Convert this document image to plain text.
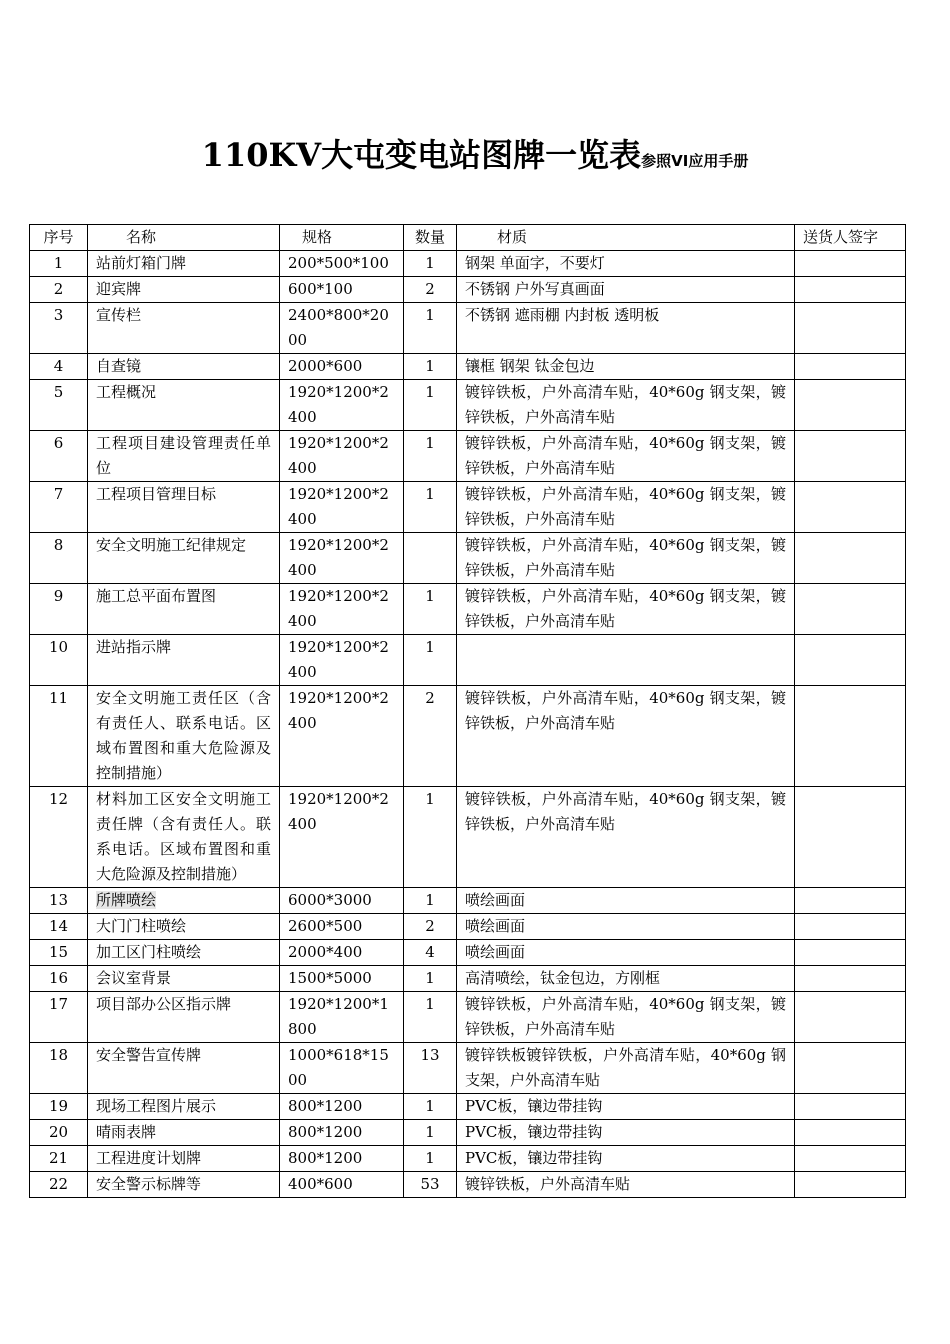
110KV大屯变电站图牌一览表参照VI应用手册
序号	名称	规格	数量	材质	送货人签字
1	站前灯箱门牌	200*500*100	1	钢架 单面字，不要灯	
2	迎宾牌	600*100	2	不锈钢 户外写真画面	
3	宣传栏	2400*800*2000	1	不锈钢 遮雨棚 内封板 透明板	
4	自查镜	2000*600	1	镶框 钢架 钛金包边	
5	工程概况	1920*1200*2400	1	镀锌铁板，户外高清车贴，40*60g 钢支架，镀锌铁板，户外高清车贴	
6	工程项目建设管理责任单位	1920*1200*2400	1	镀锌铁板，户外高清车贴，40*60g 钢支架，镀锌铁板，户外高清车贴	
7	工程项目管理目标	1920*1200*2400	1	镀锌铁板，户外高清车贴，40*60g 钢支架，镀锌铁板，户外高清车贴	
8	安全文明施工纪律规定	1920*1200*2400		镀锌铁板，户外高清车贴，40*60g 钢支架，镀锌铁板，户外高清车贴	
9	施工总平面布置图	1920*1200*2400	1	镀锌铁板，户外高清车贴，40*60g 钢支架，镀锌铁板，户外高清车贴	
10	进站指示牌	1920*1200*2400	1		
11	安全文明施工责任区（含有责任人、联系电话。区域布置图和重大危险源及控制措施）	1920*1200*2400	2	镀锌铁板，户外高清车贴，40*60g 钢支架，镀锌铁板，户外高清车贴	
12	材料加工区安全文明施工责任牌（含有责任人。联系电话。区域布置图和重大危险源及控制措施）	1920*1200*2400	1	镀锌铁板，户外高清车贴，40*60g 钢支架，镀锌铁板，户外高清车贴	
13	所牌喷绘	6000*3000	1	喷绘画面	
14	大门门柱喷绘	2600*500	2	喷绘画面	
15	加工区门柱喷绘	2000*400	4	喷绘画面	
16	会议室背景	1500*5000	1	高清喷绘，钛金包边，方刚框	
17	项目部办公区指示牌	1920*1200*1800	1	镀锌铁板，户外高清车贴，40*60g 钢支架，镀锌铁板，户外高清车贴	
18	安全警告宣传牌	1000*618*1500	13	镀锌铁板镀锌铁板，户外高清车贴，40*60g 钢支架，户外高清车贴	
19	现场工程图片展示	800*1200	1	PVC板，镶边带挂钩	
20	晴雨表牌	800*1200	1	PVC板，镶边带挂钩	
21	工程进度计划牌	800*1200	1	PVC板，镶边带挂钩	
22	安全警示标牌等	400*600	53	镀锌铁板，户外高清车贴	
